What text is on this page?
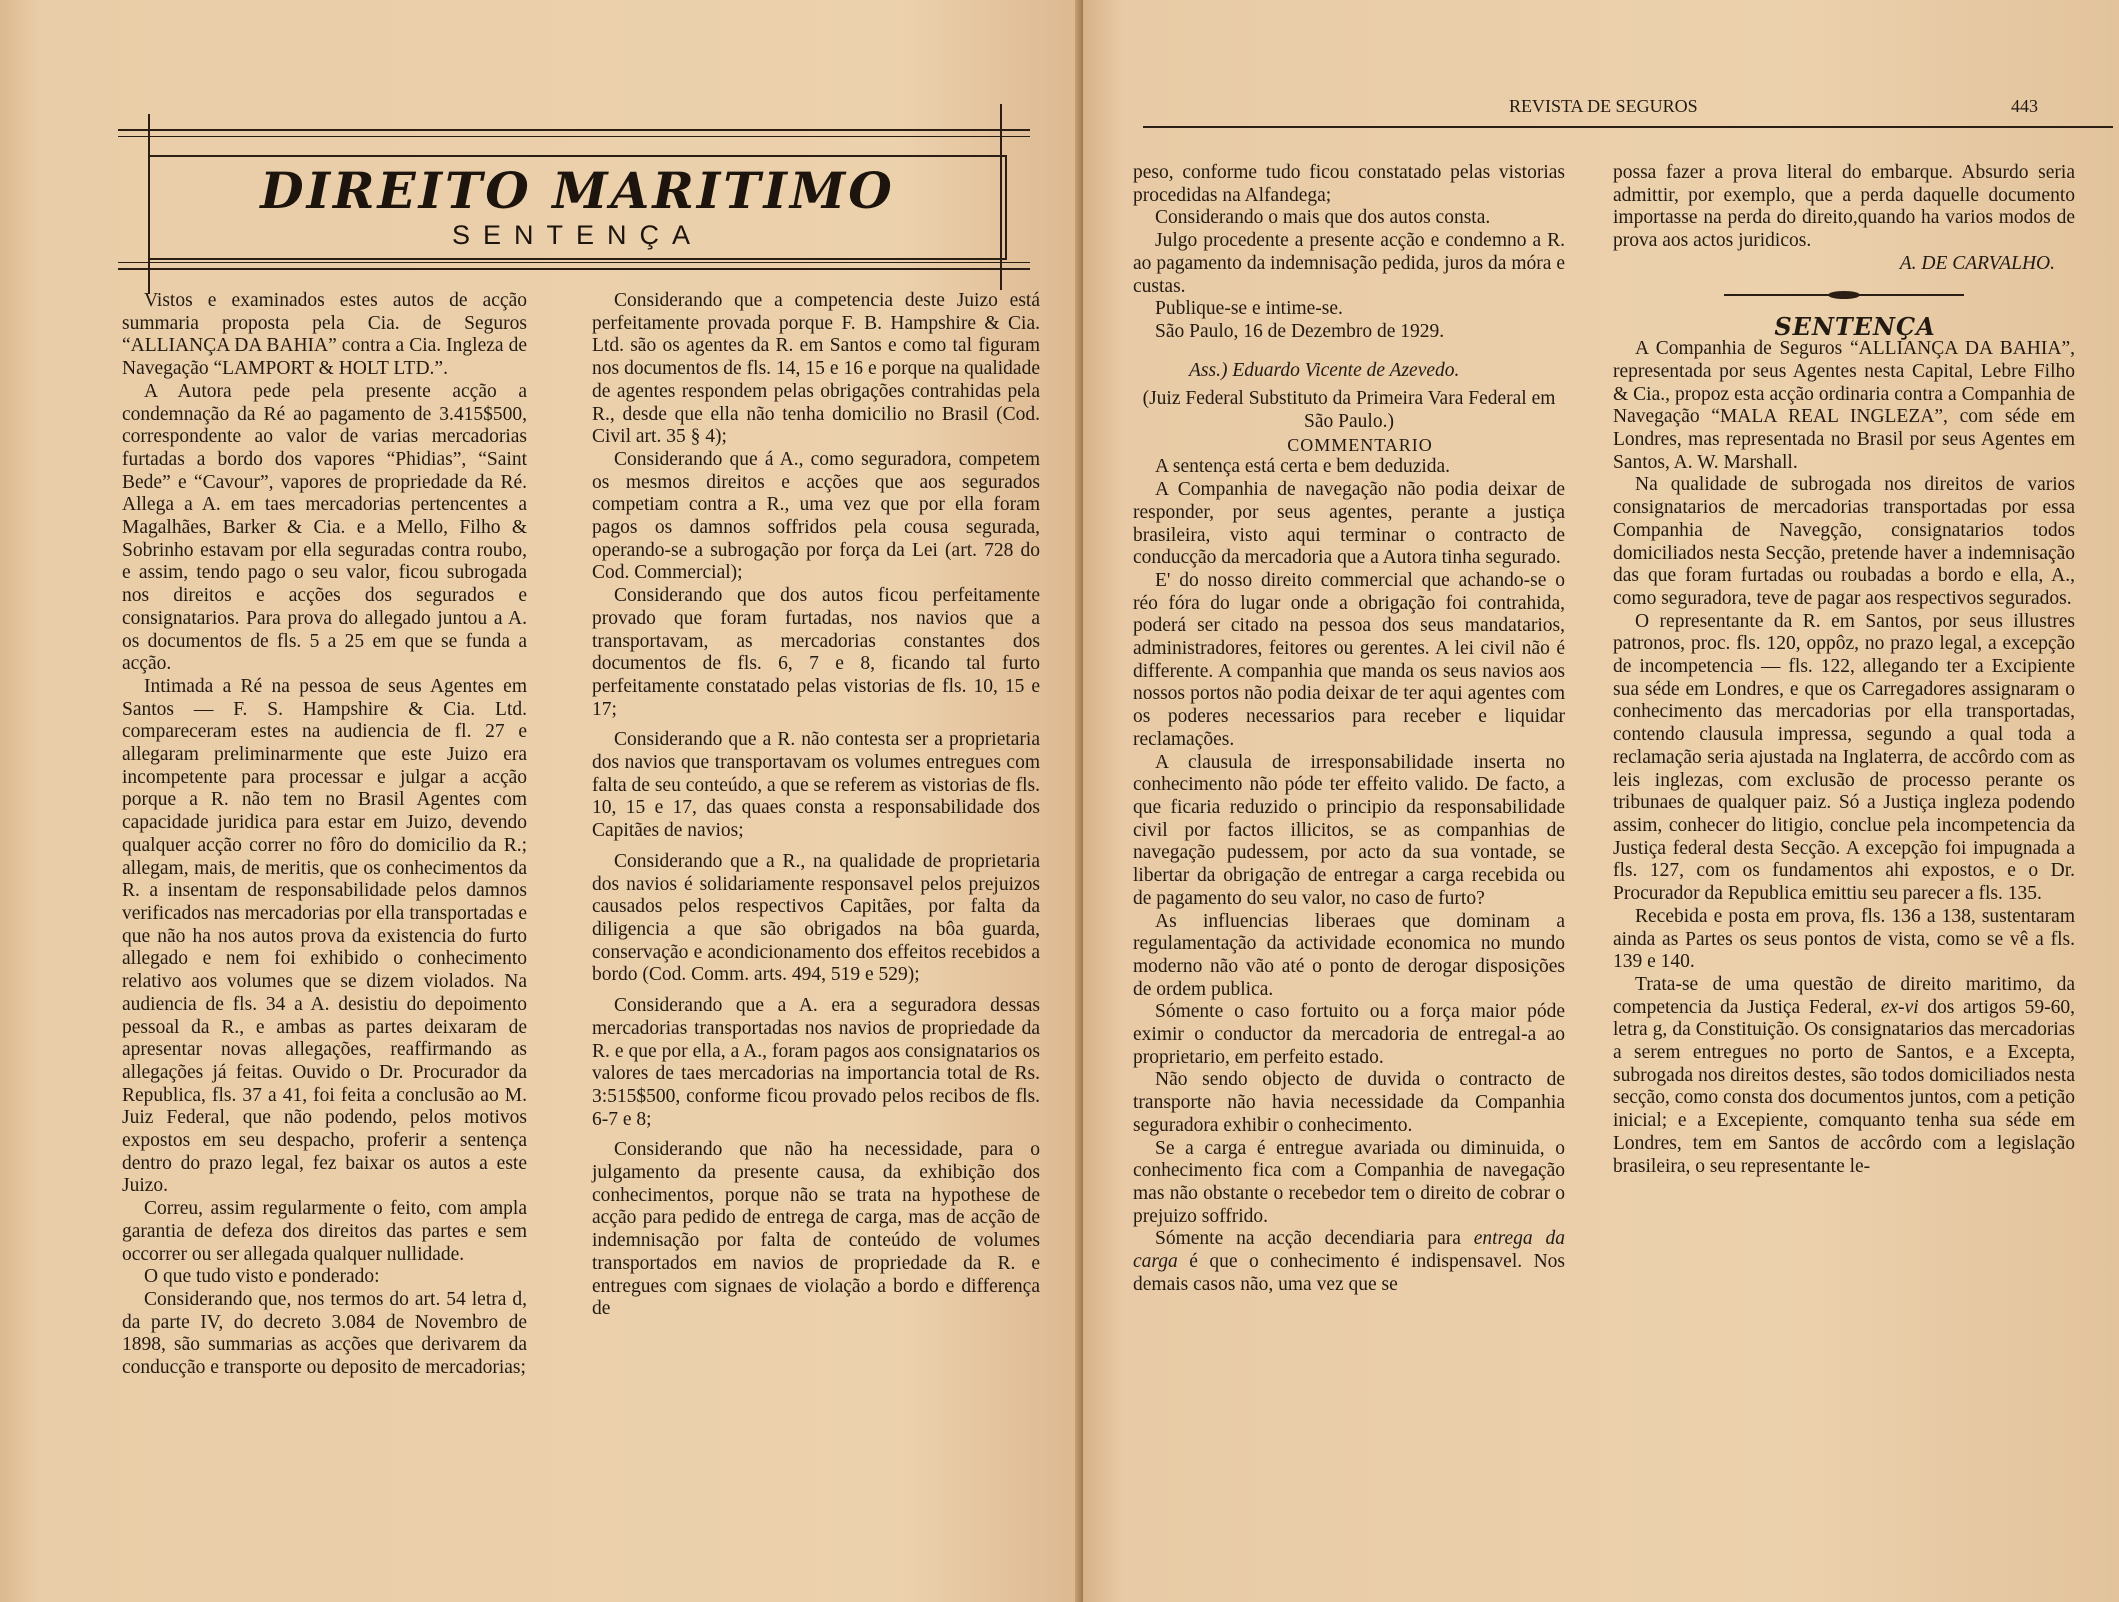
DIREITO MARITIMO
SENTENÇA

Vistos e examinados estes autos de acção summaria proposta pela Cia. de Seguros “ALLIANÇA DA BAHIA” contra a Cia. Ingleza de Navegação “LAMPORT & HOLT LTD.”.

A Autora pede pela presente acção a condemnação da Ré ao pagamento de 3.415$500, correspondente ao valor de varias mercadorias furtadas a bordo dos vapores “Phidias”, “Saint Bede” e “Cavour”, vapores de propriedade da Ré. Allega a A. em taes mercadorias pertencentes a Magalhães, Barker & Cia. e a Mello, Filho & Sobrinho estavam por ella seguradas contra roubo, e assim, tendo pago o seu valor, ficou subrogada nos direitos e acções dos segurados e consignatarios. Para prova do allegado juntou a A. os documentos de fls. 5 a 25 em que se funda a acção.

Intimada a Ré na pessoa de seus Agentes em Santos — F. S. Hampshire & Cia. Ltd. compareceram estes na audiencia de fl. 27 e allegaram preliminarmente que este Juizo era incompetente para processar e julgar a acção porque a R. não tem no Brasil Agentes com capacidade juridica para estar em Juizo, devendo qualquer acção correr no fôro do domicilio da R.; allegam, mais, de meritis, que os conhecimentos da R. a insentam de responsabilidade pelos damnos verificados nas mercadorias por ella transportadas e que não ha nos autos prova da existencia do furto allegado e nem foi exhibido o conhecimento relativo aos volumes que se dizem violados. Na audiencia de fls. 34 a A. desistiu do depoimento pessoal da R., e ambas as partes deixaram de apresentar novas allegações, reaffirmando as allegações já feitas. Ouvido o Dr. Procurador da Republica, fls. 37 a 41, foi feita a conclusão ao M. Juiz Federal, que não podendo, pelos motivos expostos em seu despacho, proferir a sentença dentro do prazo legal, fez baixar os autos a este Juizo.

Correu, assim regularmente o feito, com ampla garantia de defeza dos direitos das partes e sem occorrer ou ser allegada qualquer nullidade.

O que tudo visto e ponderado:

Considerando que, nos termos do art. 54 letra d, da parte IV, do decreto 3.084 de Novembro de 1898, são summarias as acções que derivarem da conducção e transporte ou deposito de mercadorias;

Considerando que a competencia deste Juizo está perfeitamente provada porque F. B. Hampshire & Cia. Ltd. são os agentes da R. em Santos e como tal figuram nos documentos de fls. 14, 15 e 16 e porque na qualidade de agentes respondem pelas obrigações contrahidas pela R., desde que ella não tenha domicilio no Brasil (Cod. Civil art. 35 § 4);

Considerando que á A., como seguradora, competem os mesmos direitos e acções que aos segurados competiam contra a R., uma vez que por ella foram pagos os damnos soffridos pela cousa segurada, operando-se a subrogação por força da Lei (art. 728 do Cod. Commercial);

Considerando que dos autos ficou perfeitamente provado que foram furtadas, nos navios que a transportavam, as mercadorias constantes dos documentos de fls. 6, 7 e 8, ficando tal furto perfeitamente constatado pelas vistorias de fls. 10, 15 e 17;

Considerando que a R. não contesta ser a proprietaria dos navios que transportavam os volumes entregues com falta de seu conteúdo, a que se referem as vistorias de fls. 10, 15 e 17, das quaes consta a responsabilidade dos Capitães de navios;

Considerando que a R., na qualidade de proprietaria dos navios é solidariamente responsavel pelos prejuizos causados pelos respectivos Capitães, por falta da diligencia a que são obrigados na bôa guarda, conservação e acondicionamento dos effeitos recebidos a bordo (Cod. Comm. arts. 494, 519 e 529);

Considerando que a A. era a seguradora dessas mercadorias transportadas nos navios de propriedade da R. e que por ella, a A., foram pagos aos consignatarios os valores de taes mercadorias na importancia total de Rs. 3:515$500, conforme ficou provado pelos recibos de fls. 6-7 e 8;

Considerando que não ha necessidade, para o julgamento da presente causa, da exhibição dos conhecimentos, porque não se trata na hypothese de acção para pedido de entrega de carga, mas de acção de indemnisação por falta de conteúdo de volumes transportados em navios de propriedade da R. e entregues com signaes de violação a bordo e differença de

REVISTA DE SEGUROS	443

peso, conforme tudo ficou constatado pelas vistorias procedidas na Alfandega;

Considerando o mais que dos autos consta.

Julgo procedente a presente acção e condemno a R. ao pagamento da indemnisação pedida, juros da móra e custas.

Publique-se e intime-se.

São Paulo, 16 de Dezembro de 1929.

Ass.) Eduardo Vicente de Azevedo.

(Juiz Federal Substituto da Primeira Vara Federal em São Paulo.)

COMMENTARIO

A sentença está certa e bem deduzida.

A Companhia de navegação não podia deixar de responder, por seus agentes, perante a justiça brasileira, visto aqui terminar o contracto de conducção da mercadoria que a Autora tinha segurado.

E' do nosso direito commercial que achando-se o réo fóra do lugar onde a obrigação foi contrahida, poderá ser citado na pessoa dos seus mandatarios, administradores, feitores ou gerentes. A lei civil não é differente. A companhia que manda os seus navios aos nossos portos não podia deixar de ter aqui agentes com os poderes necessarios para receber e liquidar reclamações.

A clausula de irresponsabilidade inserta no conhecimento não póde ter effeito valido. De facto, a que ficaria reduzido o principio da responsabilidade civil por factos illicitos, se as companhias de navegação pudessem, por acto da sua vontade, se libertar da obrigação de entregar a carga recebida ou de pagamento do seu valor, no caso de furto?

As influencias liberaes que dominam a regulamentação da actividade economica no mundo moderno não vão até o ponto de derogar disposições de ordem publica.

Sómente o caso fortuito ou a força maior póde eximir o conductor da mercadoria de entregal-a ao proprietario, em perfeito estado.

Não sendo objecto de duvida o contracto de transporte não havia necessidade da Companhia seguradora exhibir o conhecimento.

Se a carga é entregue avariada ou diminuida, o conhecimento fica com a Companhia de navegação mas não obstante o recebedor tem o direito de cobrar o prejuizo soffrido.

Sómente na acção decendiaria para entrega da carga é que o conhecimento é indispensavel. Nos demais casos não, uma vez que se

possa fazer a prova literal do embarque. Absurdo seria admittir, por exemplo, que a perda daquelle documento importasse na perda do direito,quando ha varios modos de prova aos actos juridicos.

A. DE CARVALHO.

SENTENÇA

A Companhia de Seguros “ALLIANÇA DA BAHIA”, representada por seus Agentes nesta Capital, Lebre Filho & Cia., propoz esta acção ordinaria contra a Companhia de Navegação “MALA REAL INGLEZA”, com séde em Londres, mas representada no Brasil por seus Agentes em Santos, A. W. Marshall.

Na qualidade de subrogada nos direitos de varios consignatarios de mercadorias transportadas por essa Companhia de Navegção, consignatarios todos domiciliados nesta Secção, pretende haver a indemnisação das que foram furtadas ou roubadas a bordo e ella, A., como seguradora, teve de pagar aos respectivos segurados.

O representante da R. em Santos, por seus illustres patronos, proc. fls. 120, oppôz, no prazo legal, a excepção de incompetencia — fls. 122, allegando ter a Excipiente sua séde em Londres, e que os Carregadores assignaram o conhecimento das mercadorias por ella transportadas, contendo clausula impressa, segundo a qual toda a reclamação seria ajustada na Inglaterra, de accôrdo com as leis inglezas, com exclusão de processo perante os tribunaes de qualquer paiz. Só a Justiça ingleza podendo assim, conhecer do litigio, conclue pela incompetencia da Justiça federal desta Secção. A excepção foi impugnada a fls. 127, com os fundamentos ahi expostos, e o Dr. Procurador da Republica emittiu seu parecer a fls. 135.

Recebida e posta em prova, fls. 136 a 138, sustentaram ainda as Partes os seus pontos de vista, como se vê a fls. 139 e 140.

Trata-se de uma questão de direito maritimo, da competencia da Justiça Federal, ex-vi dos artigos 59-60, letra g, da Constituição. Os consignatarios das mercadorias a serem entregues no porto de Santos, e a Excepta, subrogada nos direitos destes, são todos domiciliados nesta secção, como consta dos documentos juntos, com a petição inicial; e a Excepiente, comquanto tenha sua séde em Londres, tem em Santos de accôrdo com a legislação brasileira, o seu representante le-
